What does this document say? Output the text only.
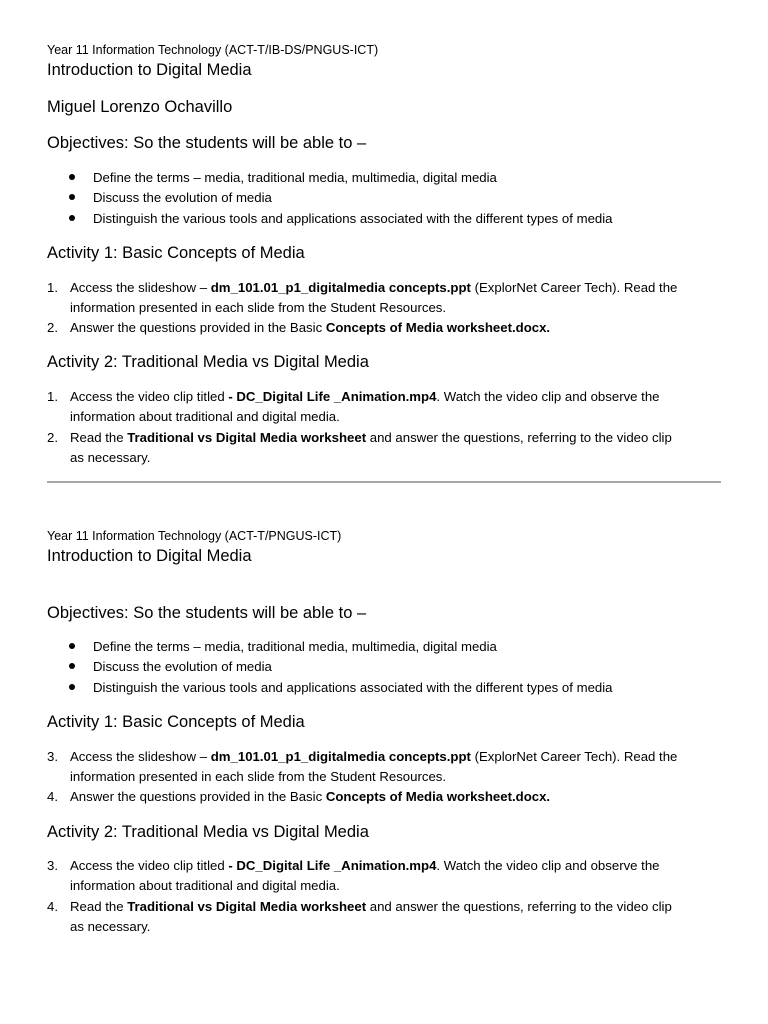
Year 11 Information Technology (ACT-T/IB-DS/PNGUS-ICT)
Introduction to Digital Media
Miguel Lorenzo Ochavillo
Objectives: So the students will be able to –
Define the terms – media, traditional media, multimedia, digital media
Discuss the evolution of media
Distinguish the various tools and applications associated with the different types of media
Activity 1: Basic Concepts of Media
1. Access the slideshow – dm_101.01_p1_digitalmedia concepts.ppt (ExplorNet Career Tech). Read the
information presented in each slide from the Student Resources.
2. Answer the questions provided in the Basic Concepts of Media worksheet.docx.
Activity 2: Traditional Media vs Digital Media
1. Access the video clip titled - DC_Digital Life _Animation.mp4. Watch the video clip and observe the
information about traditional and digital media.
2. Read the Traditional vs Digital Media worksheet and answer the questions, referring to the video clip
as necessary.
Year 11 Information Technology (ACT-T/PNGUS-ICT)
Introduction to Digital Media
Objectives: So the students will be able to –
Define the terms – media, traditional media, multimedia, digital media
Discuss the evolution of media
Distinguish the various tools and applications associated with the different types of media
Activity 1: Basic Concepts of Media
3. Access the slideshow – dm_101.01_p1_digitalmedia concepts.ppt (ExplorNet Career Tech). Read the
information presented in each slide from the Student Resources.
4. Answer the questions provided in the Basic Concepts of Media worksheet.docx.
Activity 2: Traditional Media vs Digital Media
3. Access the video clip titled - DC_Digital Life _Animation.mp4. Watch the video clip and observe the
information about traditional and digital media.
4. Read the Traditional vs Digital Media worksheet and answer the questions, referring to the video clip
as necessary.
